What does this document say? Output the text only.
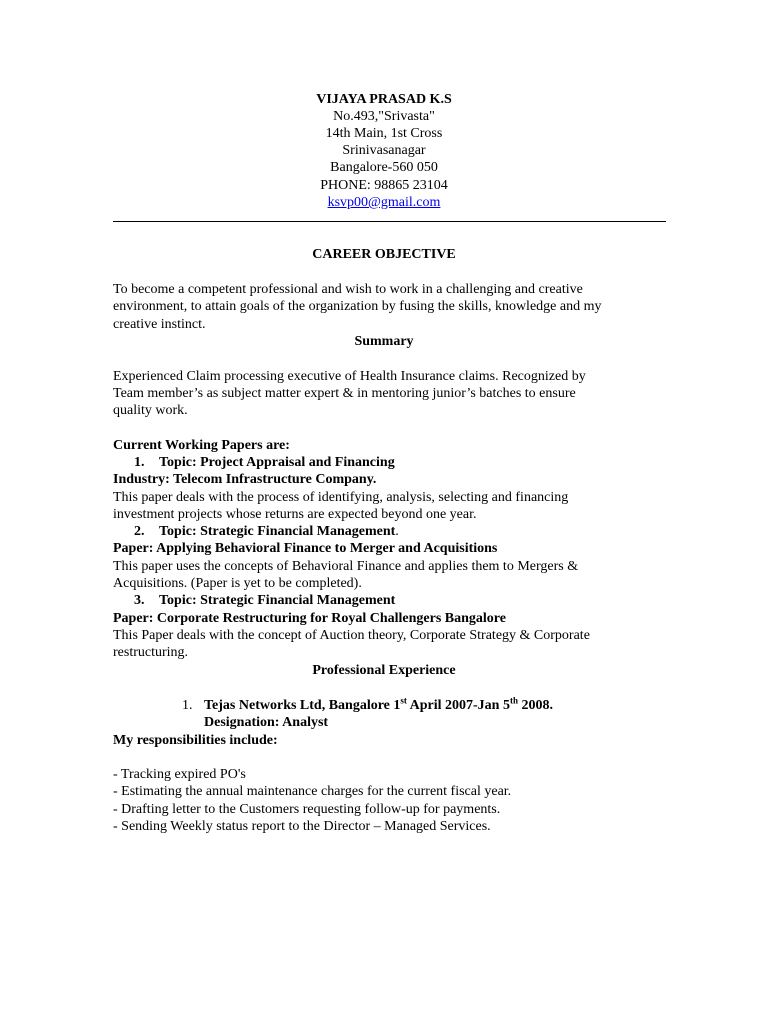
VIJAYA PRASAD K.S
No.493,"Srivasta"
14th Main, 1st Cross
Srinivasanagar
Bangalore-560 050
PHONE: 98865 23104
ksvp00@gmail.com
CAREER OBJECTIVE
To become a competent professional and wish to work in a challenging and creative
environment, to attain goals of the organization by fusing the skills, knowledge and my
creative instinct.
Summary
Experienced Claim processing executive of Health Insurance claims. Recognized by
Team member’s as subject matter expert & in mentoring junior’s batches to ensure
quality work.
Current Working Papers are:
1. Topic: Project Appraisal and Financing
Industry: Telecom Infrastructure Company.
This paper deals with the process of identifying, analysis, selecting and financing
investment projects whose returns are expected beyond one year.
2. Topic: Strategic Financial Management.
Paper: Applying Behavioral Finance to Merger and Acquisitions
This paper uses the concepts of Behavioral Finance and applies them to Mergers &
Acquisitions. (Paper is yet to be completed).
3. Topic: Strategic Financial Management
Paper: Corporate Restructuring for Royal Challengers Bangalore
This Paper deals with the concept of Auction theory, Corporate Strategy & Corporate
restructuring.
Professional Experience
1. Tejas Networks Ltd, Bangalore 1st April 2007-Jan 5th 2008.
Designation: Analyst
My responsibilities include:
- Tracking expired PO's
- Estimating the annual maintenance charges for the current fiscal year.
- Drafting letter to the Customers requesting follow-up for payments.
- Sending Weekly status report to the Director – Managed Services.
